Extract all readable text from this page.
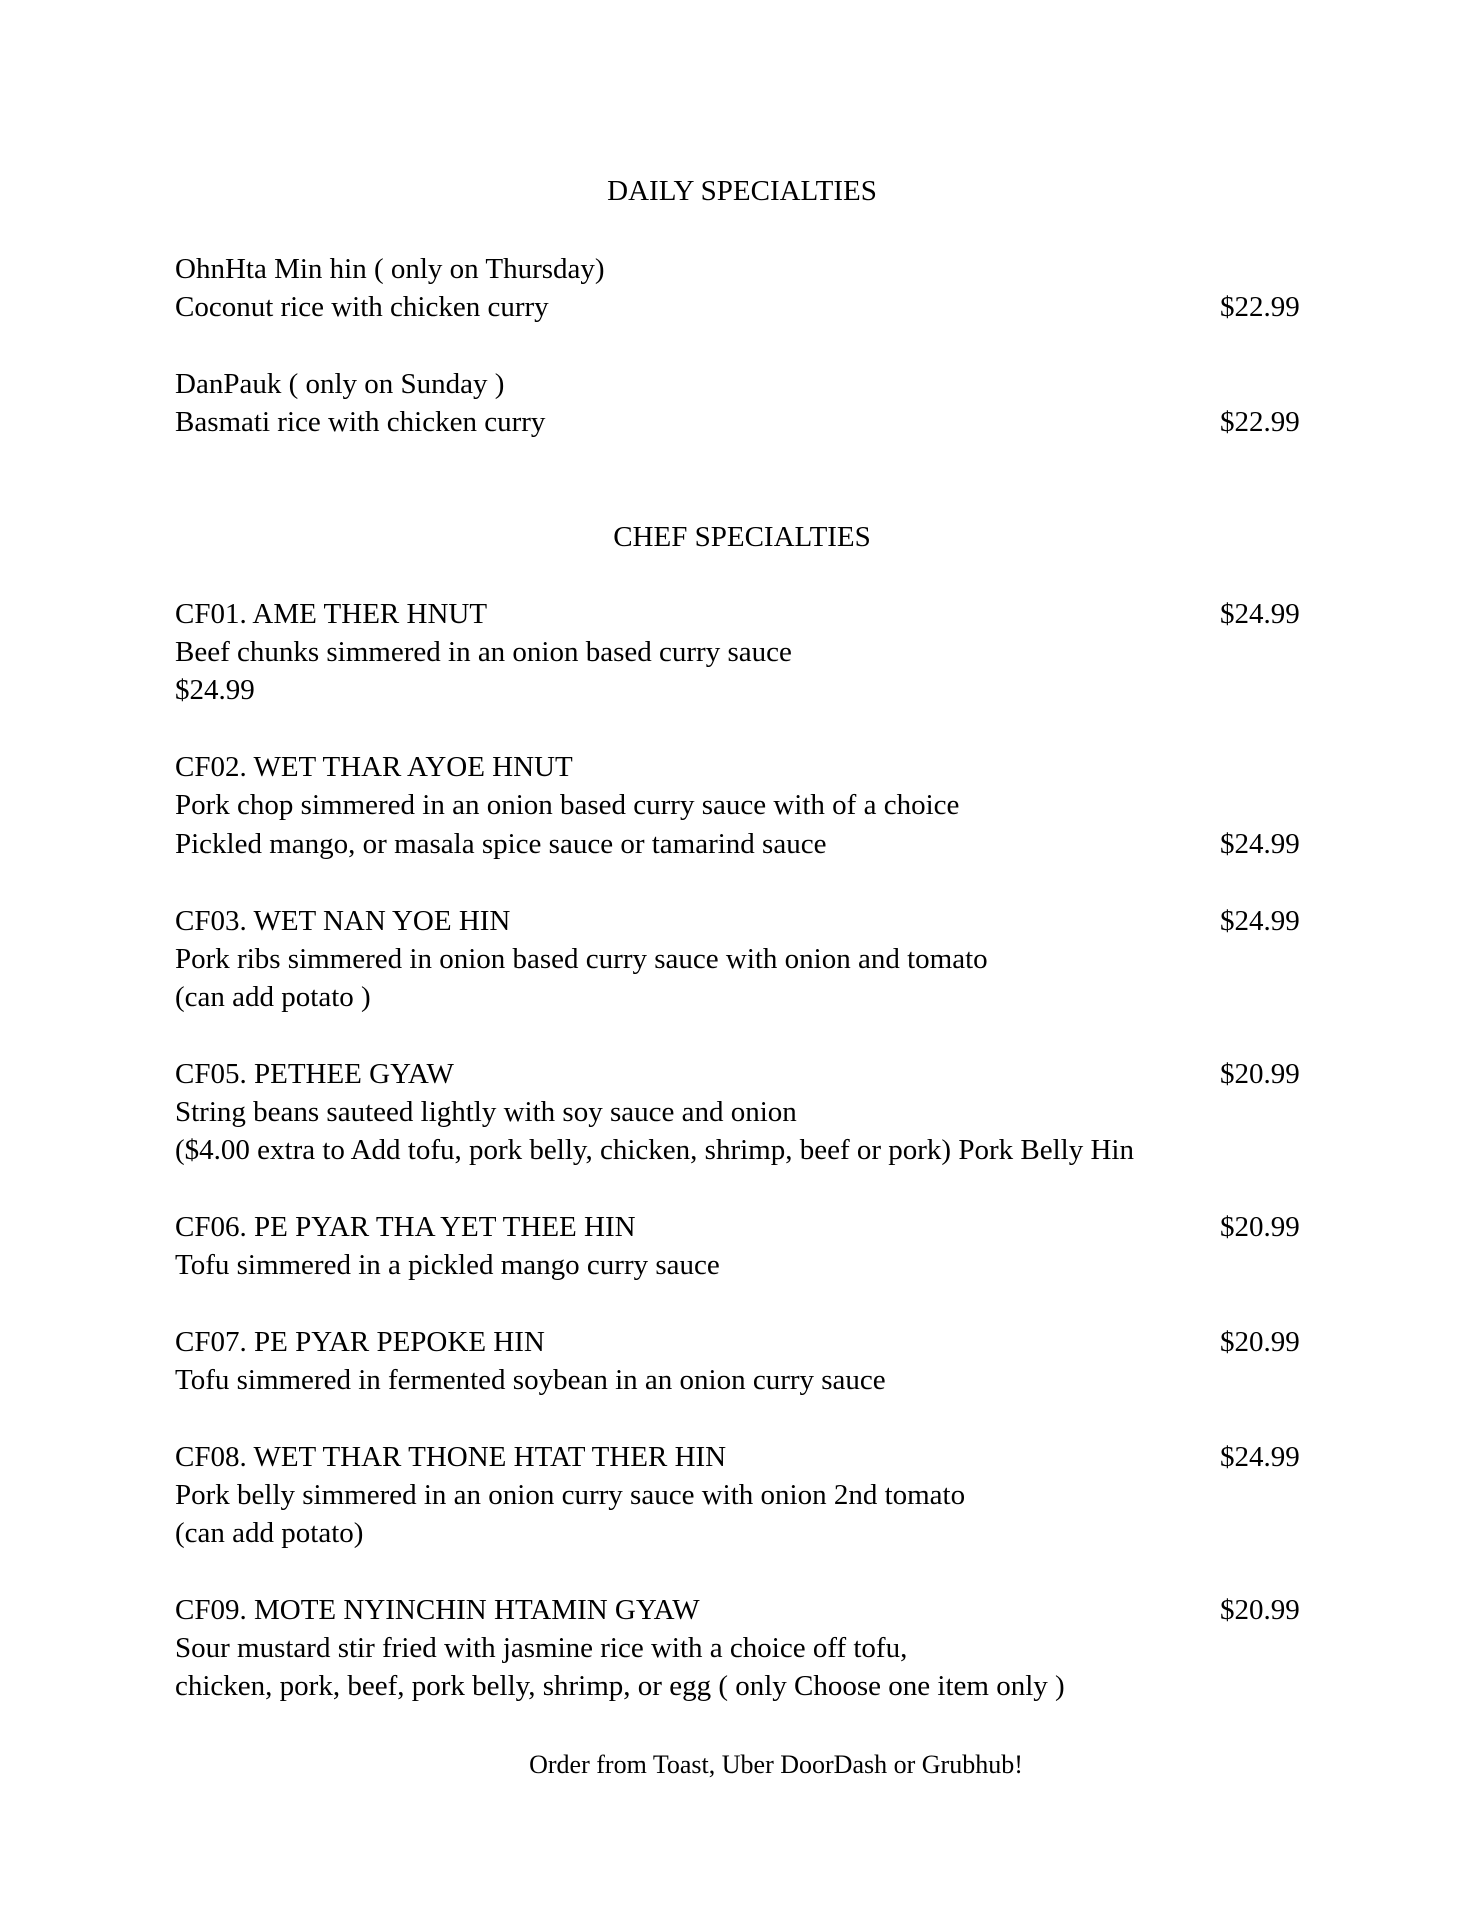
DAILY SPECIALTIES
OhnHta Min hin ( only on Thursday)
Coconut rice with chicken curry	$22.99
DanPauk ( only on Sunday )
Basmati rice with chicken curry	$22.99
CHEF SPECIALTIES
CF01. AME THER HNUT	$24.99
Beef chunks simmered in an onion based curry sauce
$24.99
CF02. WET THAR AYOE HNUT
Pork chop simmered in an onion based curry sauce with of a choice
Pickled mango, or masala spice sauce or tamarind sauce	$24.99
CF03. WET NAN YOE HIN	$24.99
Pork ribs simmered in onion based curry sauce with onion and tomato
(can add potato )
CF05. PETHEE GYAW	$20.99
String beans sauteed lightly with soy sauce and onion
($4.00 extra to Add tofu, pork belly, chicken, shrimp, beef or pork) Pork Belly Hin
CF06. PE PYAR THA YET THEE HIN	$20.99
Tofu simmered in a pickled mango curry sauce
CF07. PE PYAR PEPOKE HIN	$20.99
Tofu simmered in fermented soybean in an onion curry sauce
CF08. WET THAR THONE HTAT THER HIN	$24.99
Pork belly simmered in an onion curry sauce with onion 2nd tomato
(can add potato)
CF09. MOTE NYINCHIN HTAMIN GYAW	$20.99
Sour mustard stir fried with jasmine rice with a choice off tofu,
chicken, pork, beef, pork belly, shrimp, or egg ( only Choose one item only )
Order from Toast, Uber DoorDash or Grubhub!
